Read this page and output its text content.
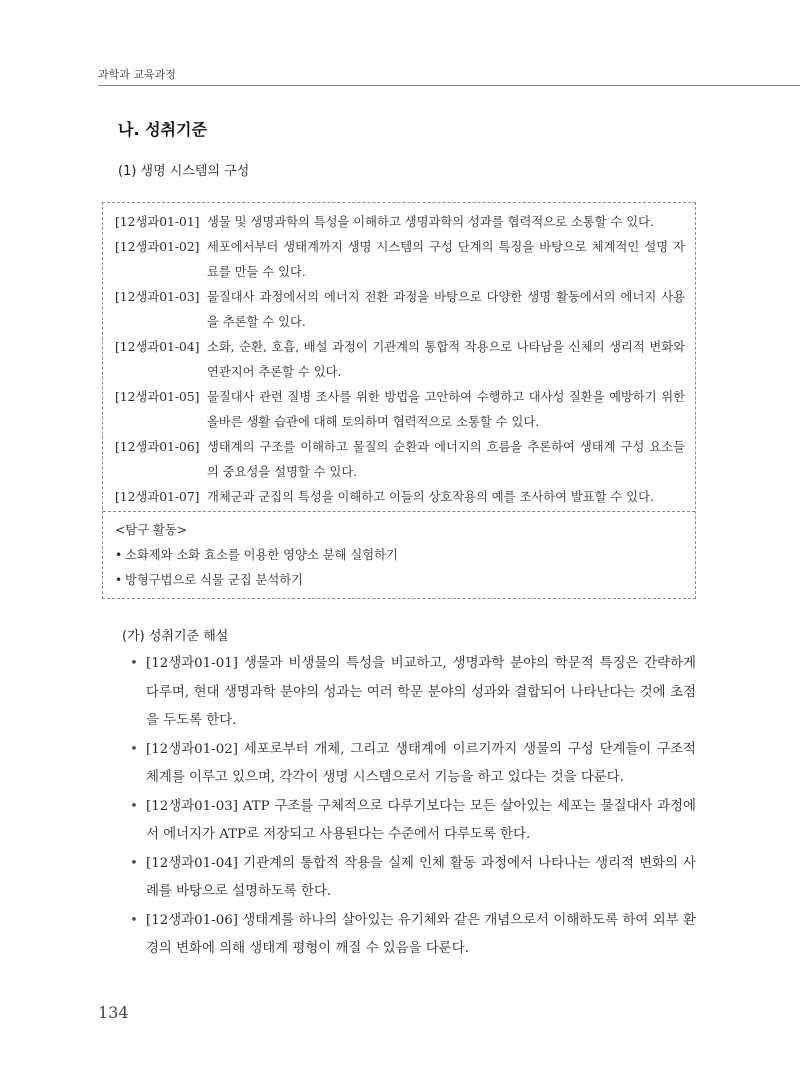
과학과 교육과정
나. 성취기준
(1) 생명 시스템의 구성
[12생과01-01] 생물 및 생명과학의 특성을 이해하고 생명과학의 성과를 협력적으로 소통할 수 있다.
[12생과01-02] 세포에서부터 생태계까지 생명 시스템의 구성 단계의 특징을 바탕으로 체계적인 설명 자료를 만들 수 있다.
[12생과01-03] 물질대사 과정에서의 에너지 전환 과정을 바탕으로 다양한 생명 활동에서의 에너지 사용을 추론할 수 있다.
[12생과01-04] 소화, 순환, 호흡, 배설 과정이 기관계의 통합적 작용으로 나타남을 신체의 생리적 변화와 연관지어 추론할 수 있다.
[12생과01-05] 물질대사 관련 질병 조사를 위한 방법을 고안하여 수행하고 대사성 질환을 예방하기 위한 올바른 생활 습관에 대해 토의하며 협력적으로 소통할 수 있다.
[12생과01-06] 생태계의 구조를 이해하고 물질의 순환과 에너지의 흐름을 추론하여 생태계 구성 요소들의 중요성을 설명할 수 있다.
[12생과01-07] 개체군과 군집의 특성을 이해하고 이들의 상호작용의 예를 조사하여 발표할 수 있다.
<탐구 활동>
• 소화제와 소화 효소를 이용한 영양소 분해 실험하기
• 방형구법으로 식물 군집 분석하기
(가) 성취기준 해설
• [12생과01-01] 생물과 비생물의 특성을 비교하고, 생명과학 분야의 학문적 특징은 간략하게 다루며, 현대 생명과학 분야의 성과는 여러 학문 분야의 성과와 결합되어 나타난다는 것에 초점을 두도록 한다.
• [12생과01-02] 세포로부터 개체, 그리고 생태계에 이르기까지 생물의 구성 단계들이 구조적 체계를 이루고 있으며, 각각이 생명 시스템으로서 기능을 하고 있다는 것을 다룬다.
• [12생과01-03] ATP 구조를 구체적으로 다루기보다는 모든 살아있는 세포는 물질대사 과정에서 에너지가 ATP로 저장되고 사용된다는 수준에서 다루도록 한다.
• [12생과01-04] 기관계의 통합적 작용을 실제 인체 활동 과정에서 나타나는 생리적 변화의 사례를 바탕으로 설명하도록 한다.
• [12생과01-06] 생태계를 하나의 살아있는 유기체와 같은 개념으로서 이해하도록 하여 외부 환경의 변화에 의해 생태계 평형이 깨질 수 있음을 다룬다.
134
